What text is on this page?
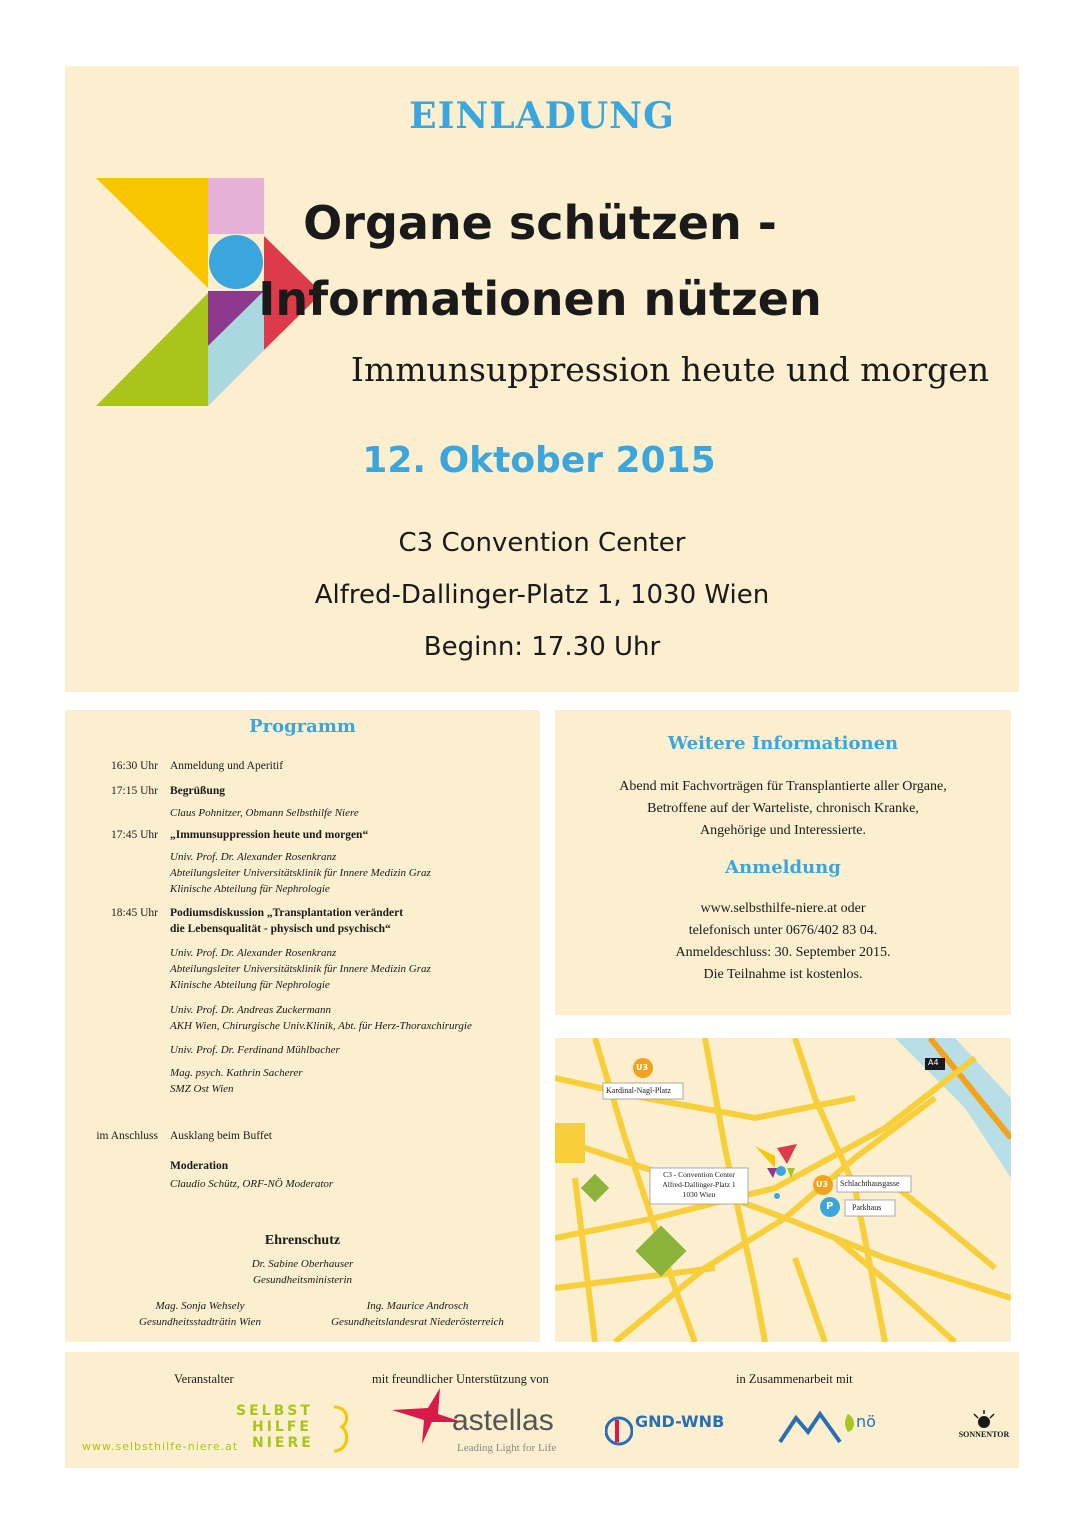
EINLADUNG
Organe schützen -
Informationen nützen
Immunsuppression heute und morgen
12. Oktober 2015
C3 Convention Center
Alfred-Dallinger-Platz 1, 1030 Wien
Beginn: 17.30 Uhr
Programm
16:30 Uhr Anmeldung und Aperitif
17:15 Uhr Begrüßung
Claus Pohnitzer, Obmann Selbsthilfe Niere
17:45 Uhr „Immunsuppression heute und morgen“
Univ. Prof. Dr. Alexander Rosenkranz
Abteilungsleiter Universitätsklinik für Innere Medizin Graz
Klinische Abteilung für Nephrologie
18:45 Uhr Podiumsdiskussion „Transplantation verändert
die Lebensqualität - physisch und psychisch“
Univ. Prof. Dr. Alexander Rosenkranz
Abteilungsleiter Universitätsklinik für Innere Medizin Graz
Klinische Abteilung für Nephrologie
Univ. Prof. Dr. Andreas Zuckermann
AKH Wien, Chirurgische Univ.Klinik, Abt. für Herz-Thoraxchirurgie
Univ. Prof. Dr. Ferdinand Mühlbacher
Mag. psych. Kathrin Sacherer
SMZ Ost Wien
im Anschluss Ausklang beim Buffet
Moderation
Claudio Schütz, ORF-NÖ Moderator
Ehrenschutz
Dr. Sabine Oberhauser
Gesundheitsministerin
Mag. Sonja Wehsely
Gesundheitsstadträtin Wien
Ing. Maurice Androsch
Gesundheitslandesrat Niederösterreich
Weitere Informationen
Abend mit Fachvorträgen für Transplantierte aller Organe,
Betroffene auf der Warteliste, chronisch Kranke,
Angehörige und Interessierte.
Anmeldung
www.selbsthilfe-niere.at oder
telefonisch unter 0676/402 83 04.
Anmeldeschluss: 30. September 2015.
Die Teilnahme ist kostenlos.
U3
U3
P
A4
Kardinal-Nagl-Platz
C3 - Convention Center
Alfred-Dallinger-Platz 1
1030 Wien
Schlachthausgasse
Parkhaus
Veranstalter	mit freundlicher Unterstützung von	in Zusammenarbeit mit
SELBST
HILFE
NIERE
www.selbsthilfe-niere.at
astellas
Leading Light for Life
GND-WNB	nö
SONNENTOR
